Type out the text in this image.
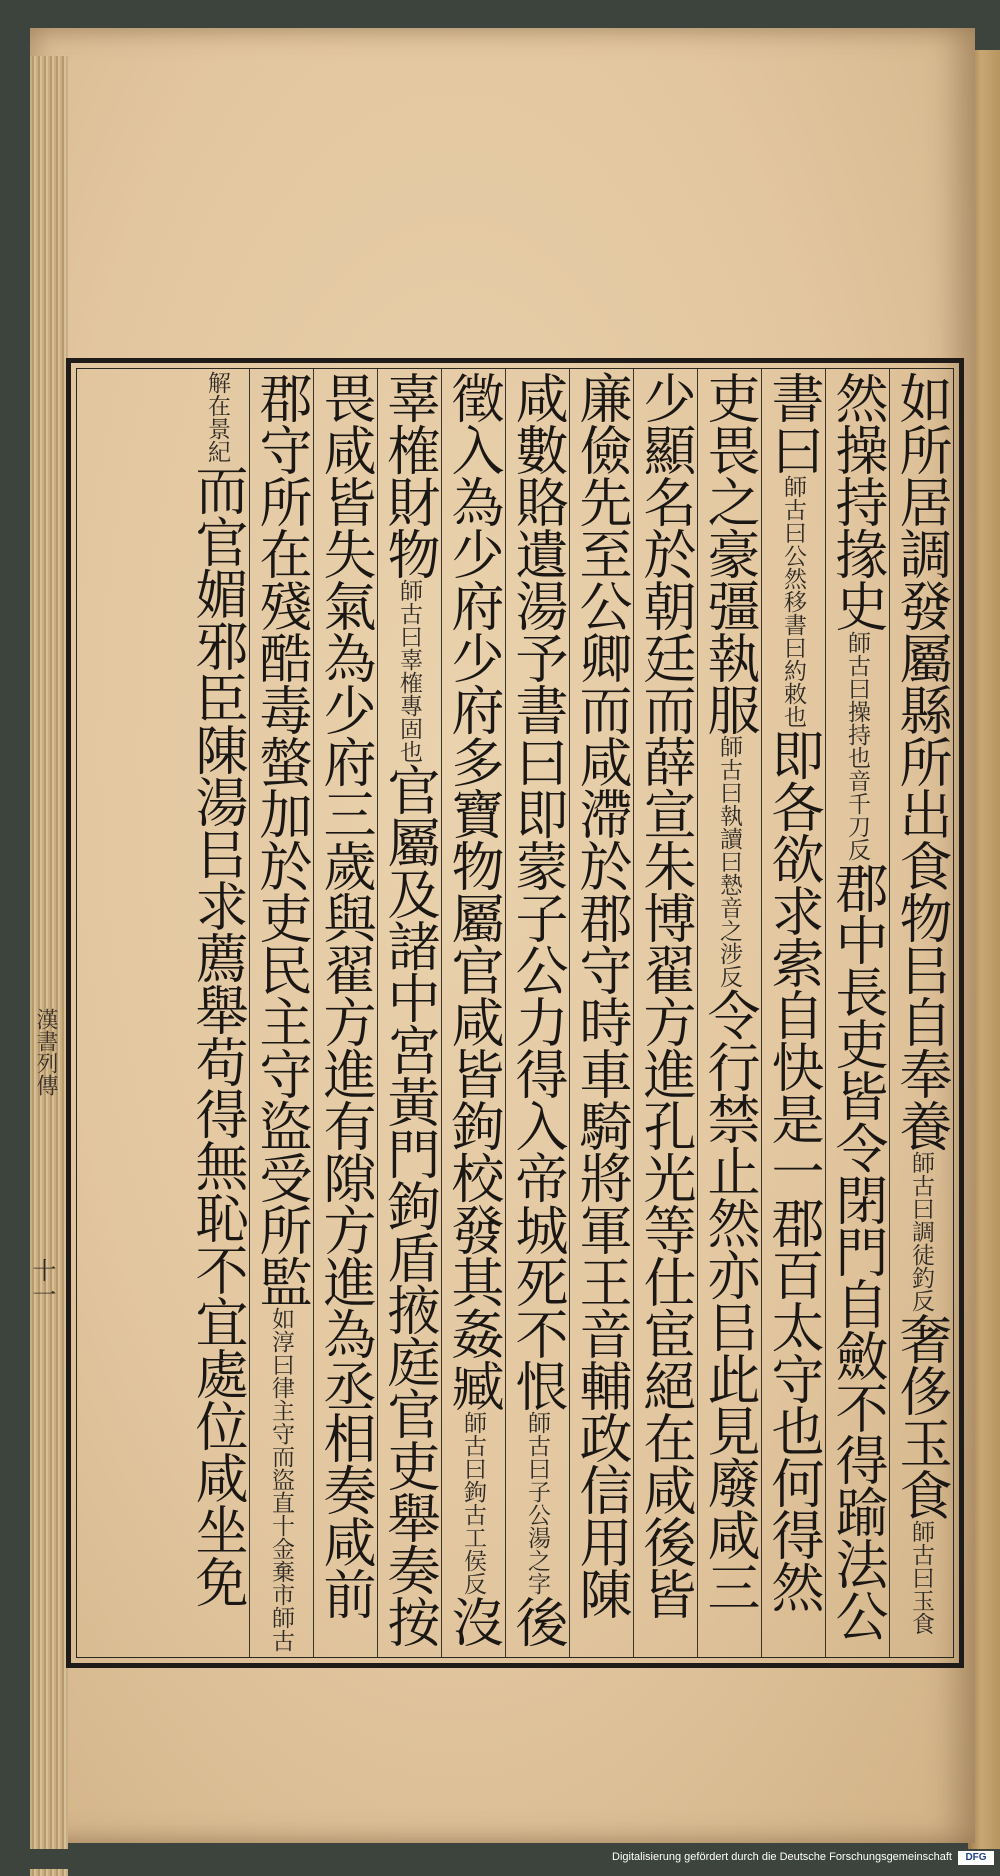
漢書列傳
十一
如所居調發屬縣所出食物㠯自奉養師古曰調徒釣反奢侈玉食師古曰玉食
然操持掾史師古曰操持也音千刀反郡中長吏皆令閉門自斂不得踰法公
書曰師古曰公然移書曰約敕也即各欲求索自快是一郡百太守也何得然
吏畏之豪彊執服師古曰執讀曰慹音之涉反令行禁止然亦㠯此見廢咸三
少顯名於朝廷而薛宣朱博翟方進孔光等仕宦絕在咸後皆
廉儉先至公卿而咸滯於郡守時車騎將軍王音輔政信用陳
咸數賂遺湯予書曰即蒙子公力得入帝城死不恨師古曰子公湯之字後
徵入為少府少府多寶物屬官咸皆鉤校發其姦臧師古曰鉤古工侯反沒
辜榷財物師古曰辜榷專固也官屬及諸中宮黃門鉤盾掖庭官吏舉奏按
畏咸皆失氣為少府三歲與翟方進有隙方進為丞相奏咸前
郡守所在殘酷毒螫加於吏民主守盜受所監如淳曰律主守而盜直十金棄市師古
解在景紀而官媚邪臣陳湯㠯求薦舉苟得無恥不宜處位咸坐免
Digitalisierung gefördert durch die Deutsche Forschungsgemeinschaft	DFG
